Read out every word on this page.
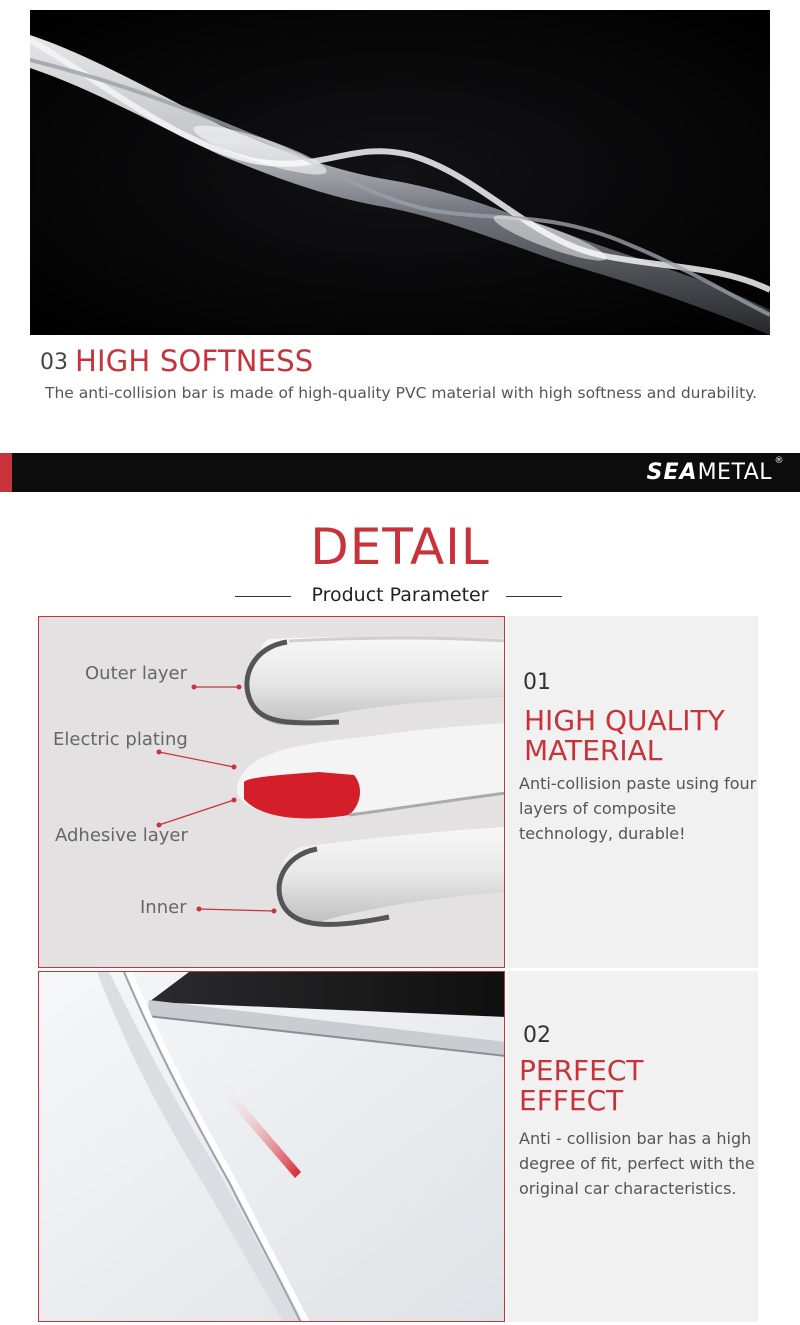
03 HIGH SOFTNESS
The anti-collision bar is made of high-quality PVC material with high softness and durability.
SEAMETAL ®
DETAIL
Product Parameter
Outer layer
Electric plating
Adhesive layer
Inner
01
HIGH QUALITY
MATERIAL
Anti-collision paste using four layers of composite technology, durable!
02
PERFECT
EFFECT
Anti - collision bar has a high degree of fit, perfect with the original car characteristics.
